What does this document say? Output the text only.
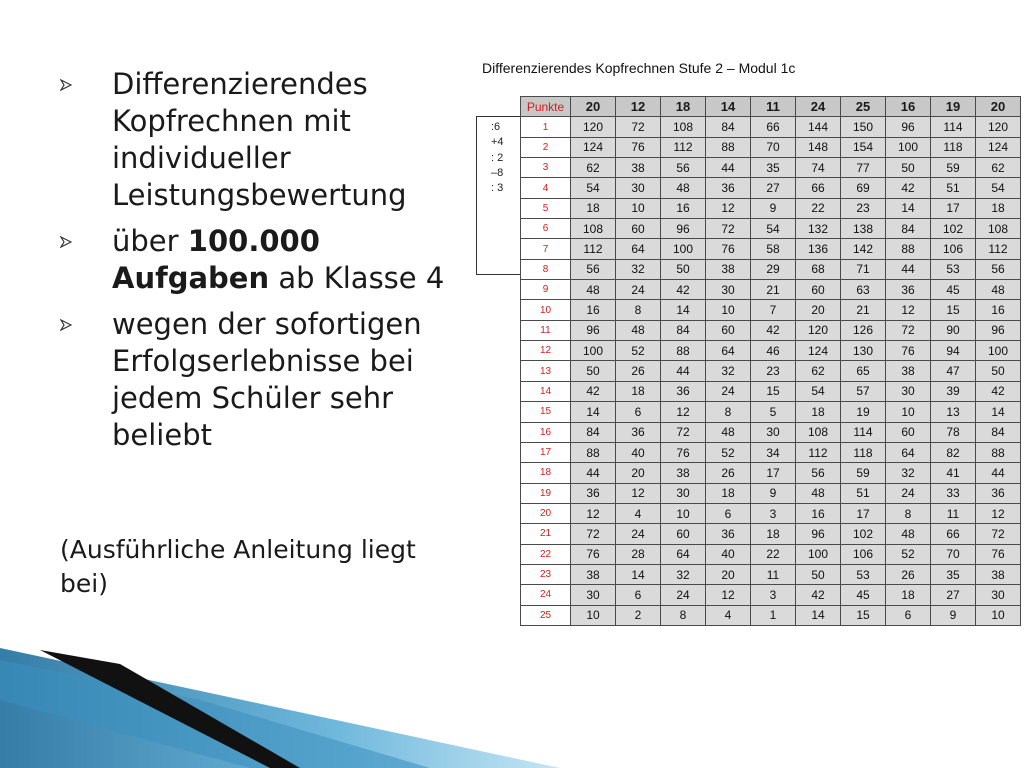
Differenzierendes Kopfrechnen mit individueller Leistungsbewertung
über 100.000 Aufgaben ab Klasse 4
wegen der sofortigen Erfolgserlebnisse bei jedem Schüler sehr beliebt

(Ausführliche Anleitung liegt bei)

Differenzierendes Kopfrechnen Stufe 2 – Modul 1c

:6
+4
: 2
–8
: 3
Punkte	20	12	18	14	11	24	25	16	19	20
1	120	72	108	84	66	144	150	96	114	120
2	124	76	112	88	70	148	154	100	118	124
3	62	38	56	44	35	74	77	50	59	62
4	54	30	48	36	27	66	69	42	51	54
5	18	10	16	12	9	22	23	14	17	18
6	108	60	96	72	54	132	138	84	102	108
7	112	64	100	76	58	136	142	88	106	112
8	56	32	50	38	29	68	71	44	53	56
9	48	24	42	30	21	60	63	36	45	48
10	16	8	14	10	7	20	21	12	15	16
11	96	48	84	60	42	120	126	72	90	96
12	100	52	88	64	46	124	130	76	94	100
13	50	26	44	32	23	62	65	38	47	50
14	42	18	36	24	15	54	57	30	39	42
15	14	6	12	8	5	18	19	10	13	14
16	84	36	72	48	30	108	114	60	78	84
17	88	40	76	52	34	112	118	64	82	88
18	44	20	38	26	17	56	59	32	41	44
19	36	12	30	18	9	48	51	24	33	36
20	12	4	10	6	3	16	17	8	11	12
21	72	24	60	36	18	96	102	48	66	72
22	76	28	64	40	22	100	106	52	70	76
23	38	14	32	20	11	50	53	26	35	38
24	30	6	24	12	3	42	45	18	27	30
25	10	2	8	4	1	14	15	6	9	10
